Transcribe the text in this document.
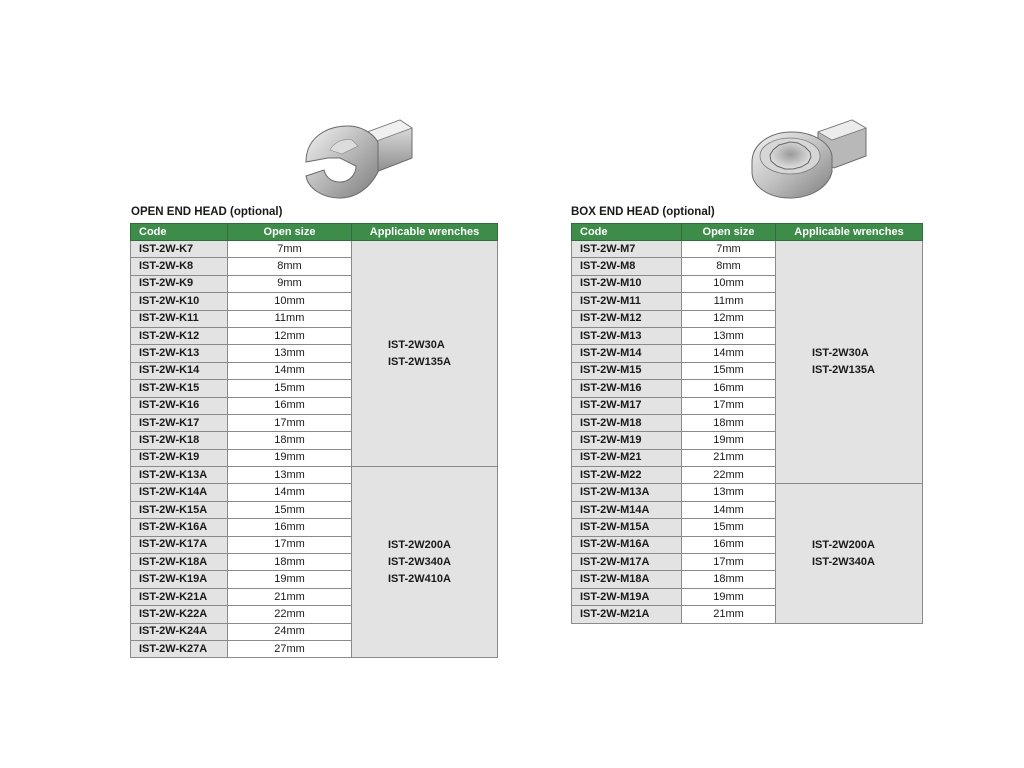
OPEN END HEAD (optional)
Code	Open size	Applicable wrenches
IST-2W-K7	7mm	IST-2W30A
IST-2W135A

IST-2W-K8	8mm	
IST-2W-K9	9mm	
IST-2W-K10	10mm	
IST-2W-K11	11mm	
IST-2W-K12	12mm	
IST-2W-K13	13mm	
IST-2W-K14	14mm	
IST-2W-K15	15mm	
IST-2W-K16	16mm	
IST-2W-K17	17mm	
IST-2W-K18	18mm	
IST-2W-K19	19mm	
IST-2W-K13A	13mm	IST-2W200A
IST-2W340A
IST-2W410A

IST-2W-K14A	14mm	
IST-2W-K15A	15mm	
IST-2W-K16A	16mm	
IST-2W-K17A	17mm	
IST-2W-K18A	18mm	
IST-2W-K19A	19mm	
IST-2W-K21A	21mm	
IST-2W-K22A	22mm	
IST-2W-K24A	24mm	
IST-2W-K27A	27mm	
BOX END HEAD (optional)
Code	Open size	Applicable wrenches
IST-2W-M7	7mm	IST-2W30A
IST-2W135A

IST-2W-M8	8mm	
IST-2W-M10	10mm	
IST-2W-M11	11mm	
IST-2W-M12	12mm	
IST-2W-M13	13mm	
IST-2W-M14	14mm	
IST-2W-M15	15mm	
IST-2W-M16	16mm	
IST-2W-M17	17mm	
IST-2W-M18	18mm	
IST-2W-M19	19mm	
IST-2W-M21	21mm	
IST-2W-M22	22mm	
IST-2W-M13A	13mm	IST-2W200A
IST-2W340A

IST-2W-M14A	14mm	
IST-2W-M15A	15mm	
IST-2W-M16A	16mm	
IST-2W-M17A	17mm	
IST-2W-M18A	18mm	
IST-2W-M19A	19mm	
IST-2W-M21A	21mm	
